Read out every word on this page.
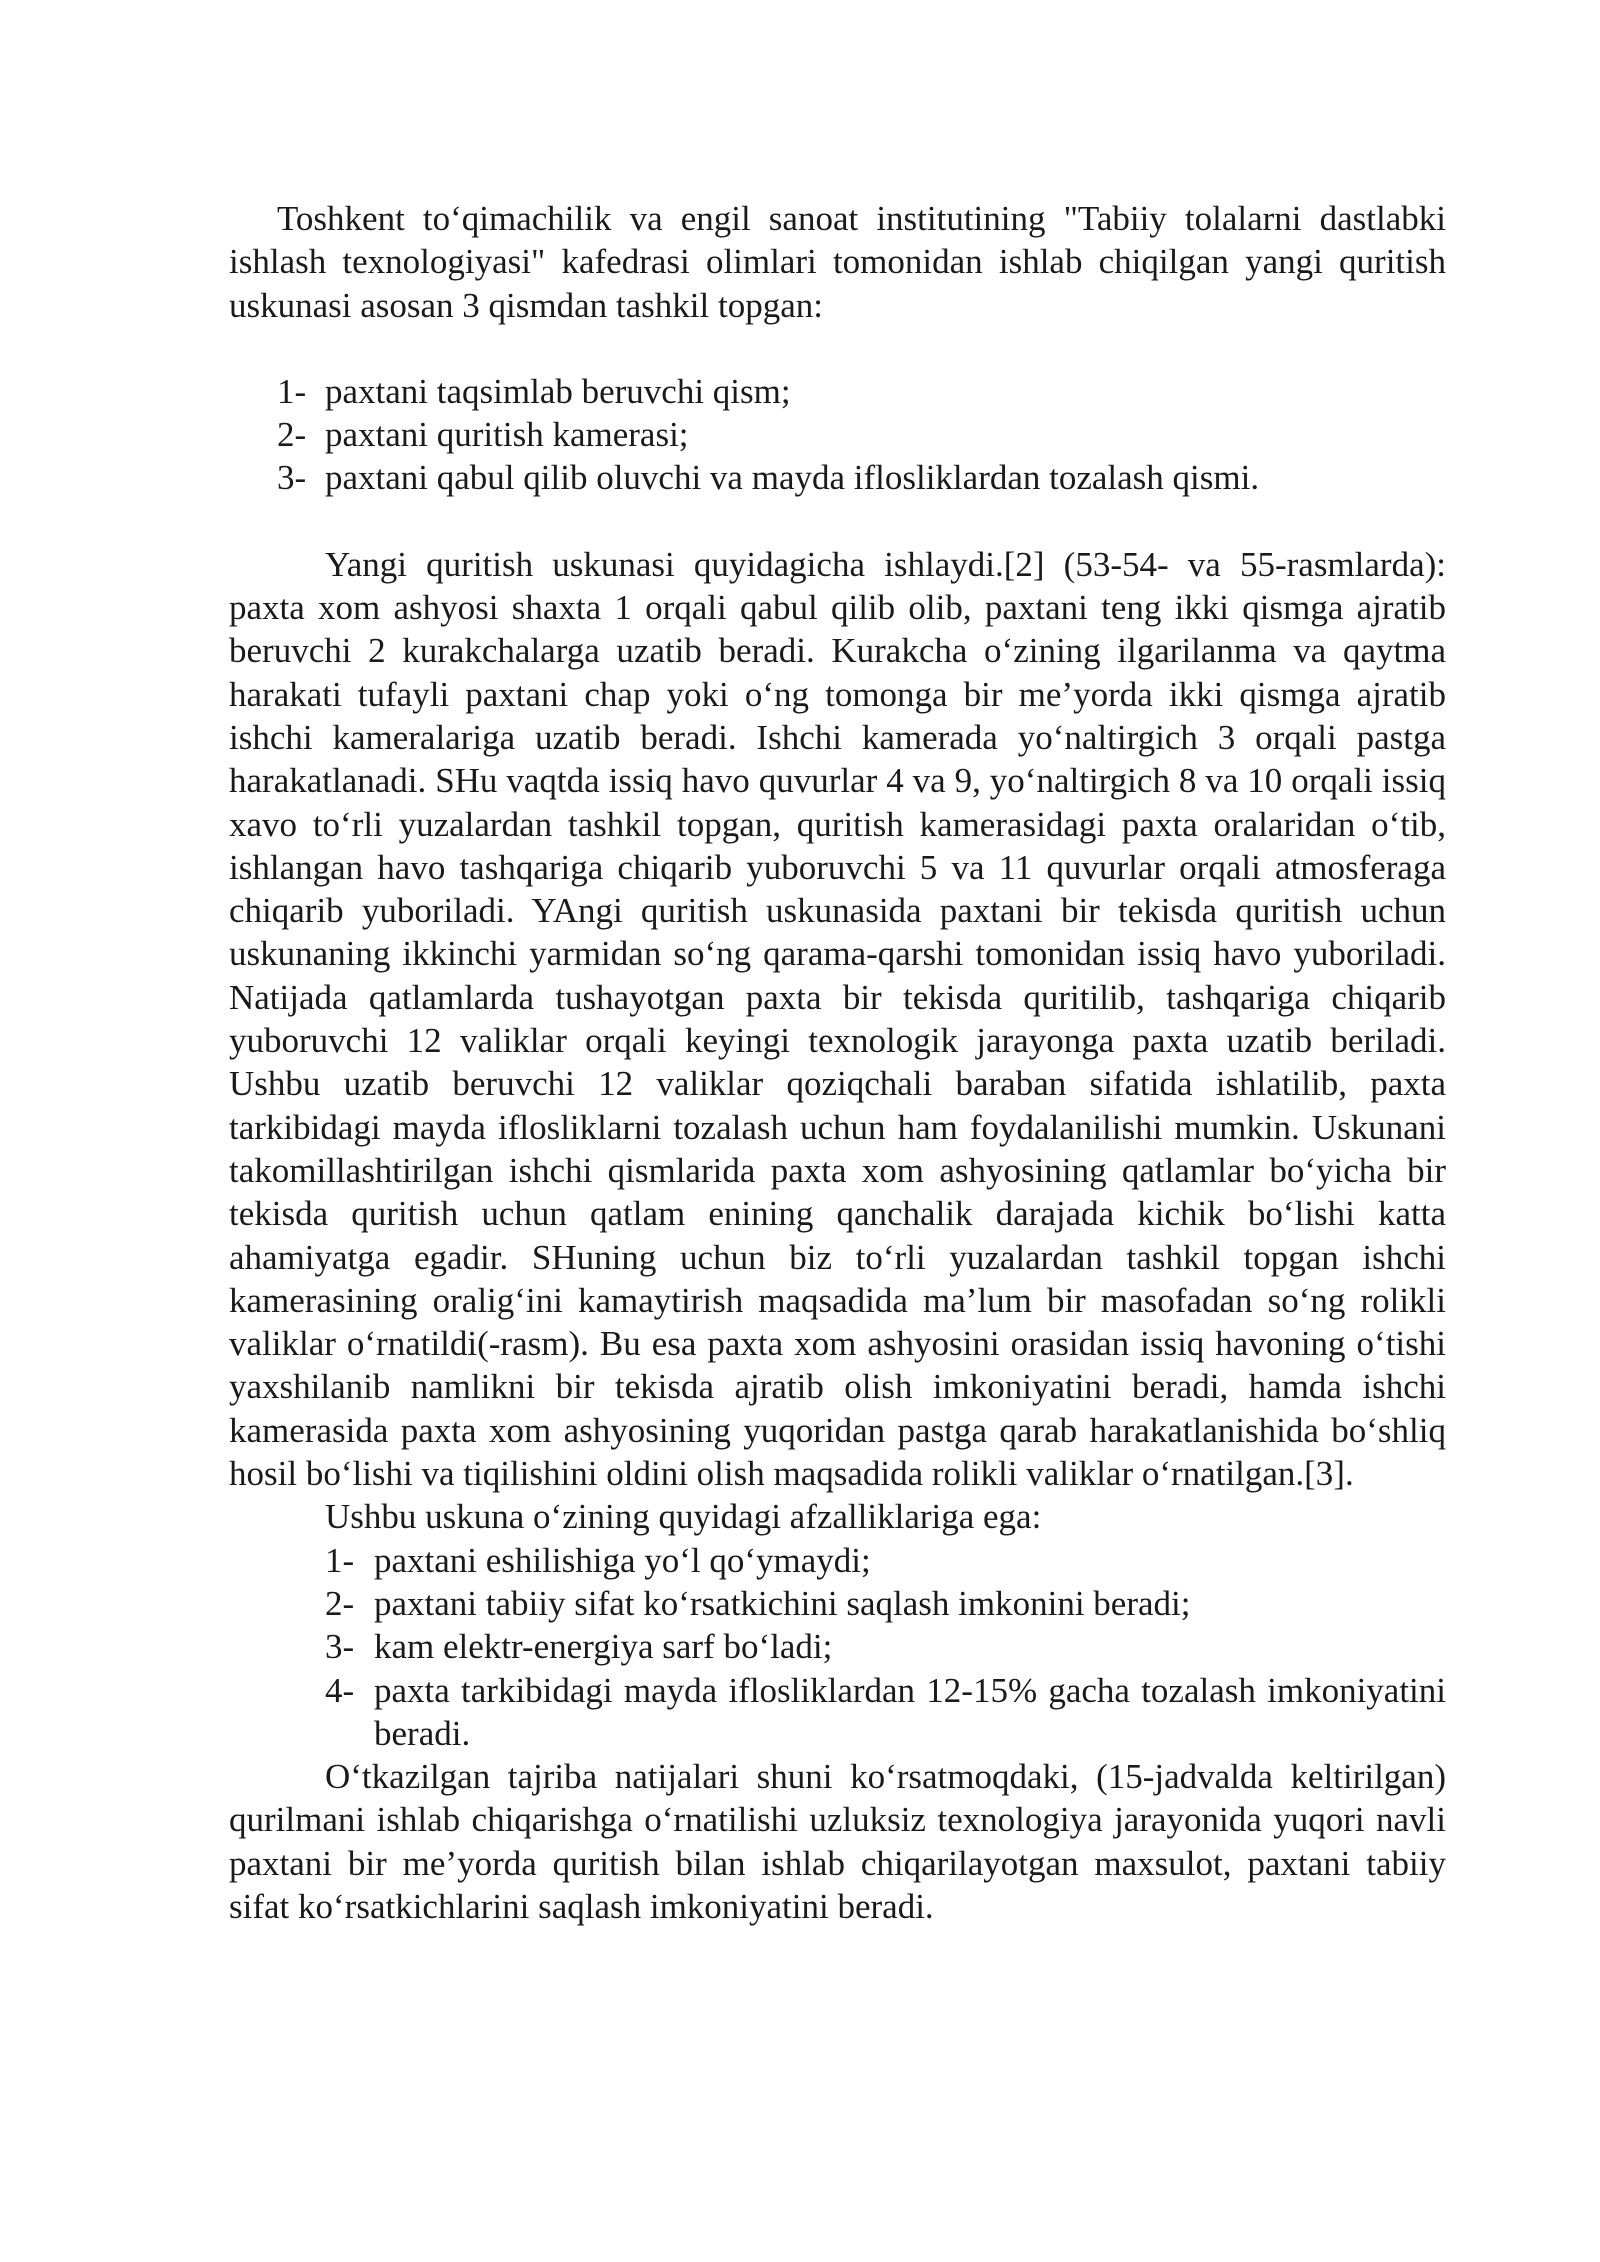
Toshkent to‘qimachilik va engil sanoat institutining "Tabiiy tolalarni dastlabki ishlash texnologiyasi" kafedrasi olimlari tomonidan ishlab chiqilgan yangi quritish uskunasi asosan 3 qismdan tashkil topgan:

1- paxtani taqsimlab beruvchi qism;
2- paxtani quritish kamerasi;
3- paxtani qabul qilib oluvchi va mayda iflosliklardan tozalash qismi.

Yangi quritish uskunasi quyidagicha ishlaydi.[2] (53-54- va 55-rasmlarda): paxta xom ashyosi shaxta 1 orqali qabul qilib olib, paxtani teng ikki qismga ajratib beruvchi 2 kurakchalarga uzatib beradi. Kurakcha o‘zining ilgarilanma va qaytma harakati tufayli paxtani chap yoki o‘ng tomonga bir me’yorda ikki qismga ajratib ishchi kameralariga uzatib beradi. Ishchi kamerada yo‘naltirgich 3 orqali pastga harakatlanadi. SHu vaqtda issiq havo quvurlar 4 va 9, yo‘naltirgich 8 va 10 orqali issiq xavo to‘rli yuzalardan tashkil topgan, quritish kamerasidagi paxta oralaridan o‘tib, ishlangan havo tashqariga chiqarib yuboruvchi 5 va 11 quvurlar orqali atmosferaga chiqarib yuboriladi. YAngi quritish uskunasida paxtani bir tekisda quritish uchun uskunaning ikkinchi yarmidan so‘ng qarama-qarshi tomonidan issiq havo yuboriladi. Natijada qatlamlarda tushayotgan paxta bir tekisda quritilib, tashqariga chiqarib yuboruvchi 12 valiklar orqali keyingi texnologik jarayonga paxta uzatib beriladi. Ushbu uzatib beruvchi 12 valiklar qoziqchali baraban sifatida ishlatilib, paxta tarkibidagi mayda iflosliklarni tozalash uchun ham foydalanilishi mumkin. Uskunani takomillashtirilgan ishchi qismlarida paxta xom ashyosining qatlamlar bo‘yicha bir tekisda quritish uchun qatlam enining qanchalik darajada kichik bo‘lishi katta ahamiyatga egadir. SHuning uchun biz to‘rli yuzalardan tashkil topgan ishchi kamerasining oralig‘ini kamaytirish maqsadida ma’lum bir masofadan so‘ng rolikli valiklar o‘rnatildi(-rasm). Bu esa paxta xom ashyosini orasidan issiq havoning o‘tishi yaxshilanib namlikni bir tekisda ajratib olish imkoniyatini beradi, hamda ishchi kamerasida paxta xom ashyosining yuqoridan pastga qarab harakatlanishida bo‘shliq hosil bo‘lishi va tiqilishini oldini olish maqsadida rolikli valiklar o‘rnatilgan.[3].

Ushbu uskuna o‘zining quyidagi afzalliklariga ega:

1- paxtani eshilishiga yo‘l qo‘ymaydi;
2- paxtani tabiiy sifat ko‘rsatkichini saqlash imkonini beradi;
3- kam elektr-energiya sarf bo‘ladi;
4- paxta tarkibidagi mayda iflosliklardan 12-15% gacha tozalash imkoniyatini beradi.

O‘tkazilgan tajriba natijalari shuni ko‘rsatmoqdaki, (15-jadvalda keltirilgan) qurilmani ishlab chiqarishga o‘rnatilishi uzluksiz texnologiya jarayonida yuqori navli paxtani bir me’yorda quritish bilan ishlab chiqarilayotgan maxsulot, paxtani tabiiy sifat ko‘rsatkichlarini saqlash imkoniyatini beradi.
